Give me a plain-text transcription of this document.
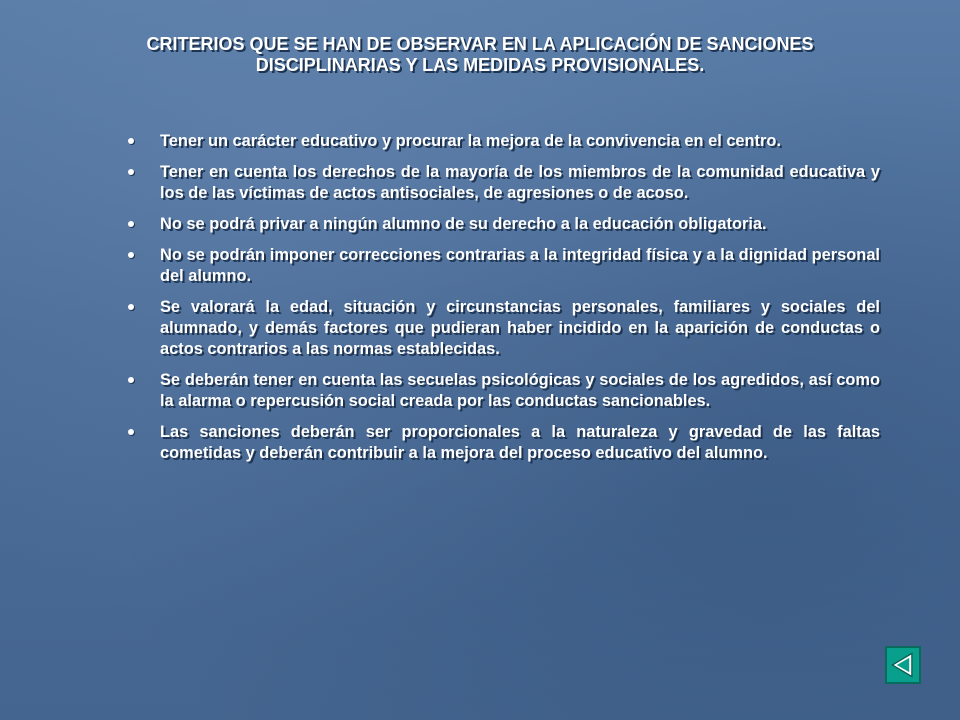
CRITERIOS QUE SE HAN DE OBSERVAR EN LA APLICACIÓN DE SANCIONES
DISCIPLINARIAS Y LAS MEDIDAS PROVISIONALES.
Tener un carácter educativo y procurar la mejora de la convivencia en el centro.
Tener en cuenta los derechos de la mayoría de los miembros de la comunidad educativa y los de las víctimas de actos antisociales, de agresiones o de acoso.
No se podrá privar a ningún alumno de su derecho a la educación obligatoria.
No se podrán imponer correcciones contrarias a la integridad física y a la dignidad personal del alumno.
Se valorará la edad, situación y circunstancias personales, familiares y sociales del alumnado, y demás factores que pudieran haber incidido en la aparición de conductas o actos contrarios a las normas establecidas.
Se deberán tener en cuenta las secuelas psicológicas y sociales de los agredidos, así como la alarma o repercusión social creada por las conductas sancionables.
Las sanciones deberán ser proporcionales a la naturaleza y gravedad de las faltas cometidas y deberán contribuir a la mejora del proceso educativo del alumno.
